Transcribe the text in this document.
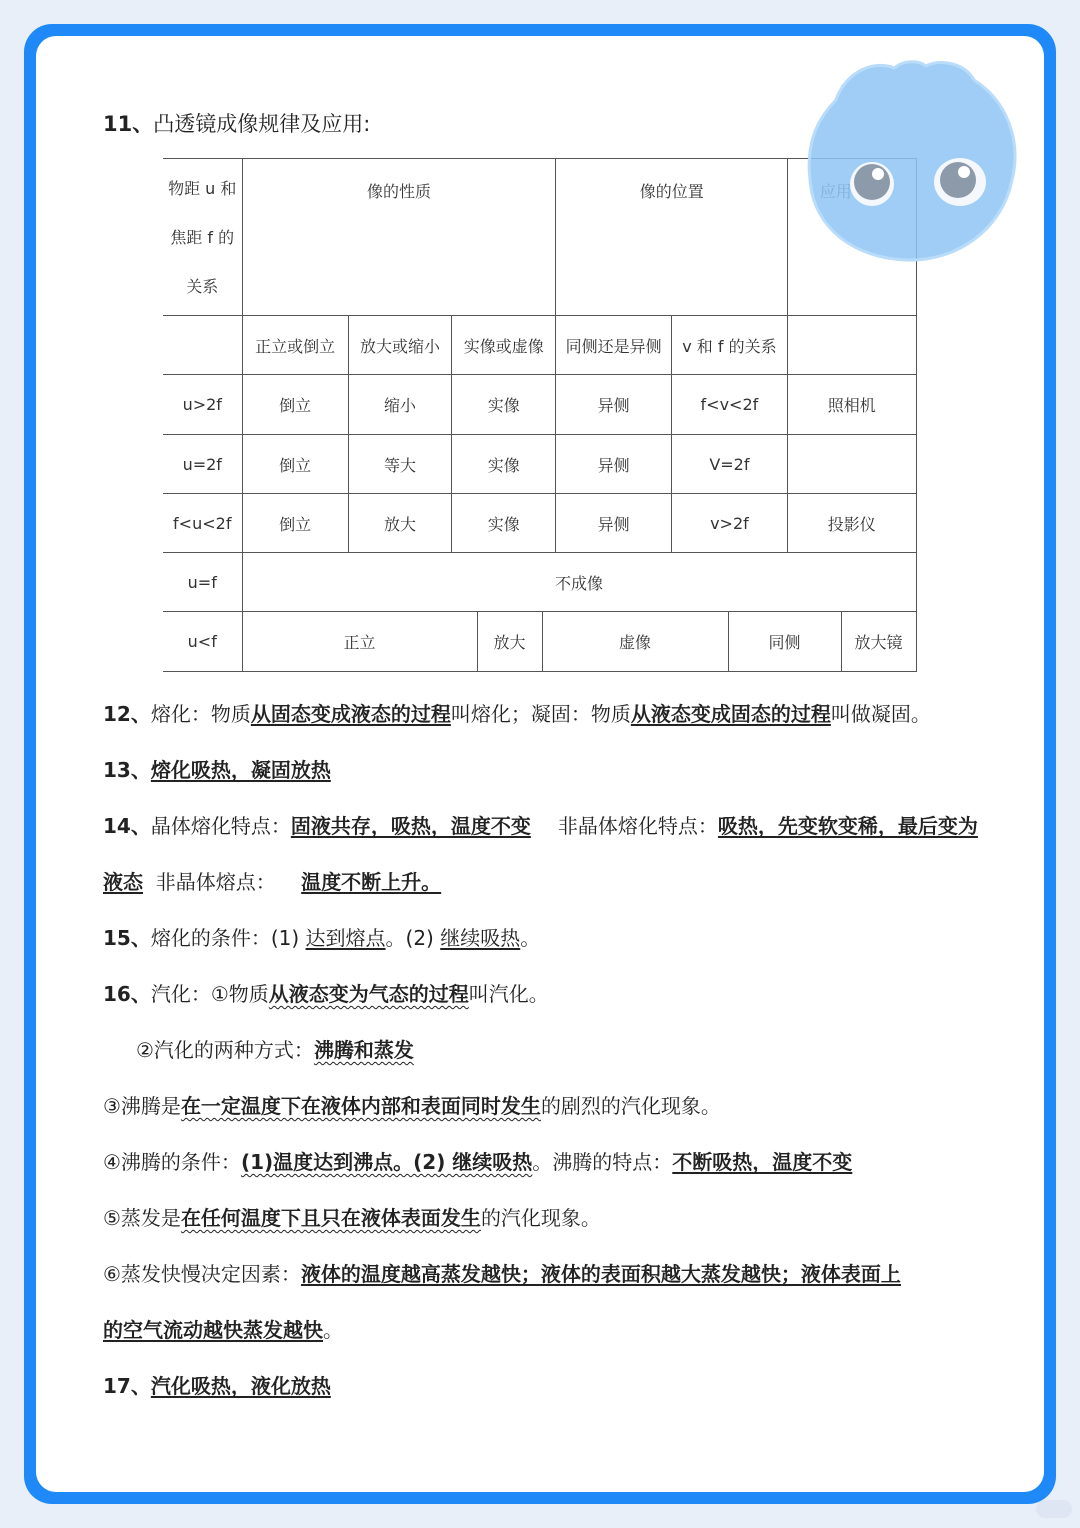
11、凸透镜成像规律及应用:
物距 u 和
焦距 f 的
关系	像的性质			像的位置	
	正立或倒立	放大或缩小	实像或虚像	同侧还是异侧	v 和 f 的关系	
u>2f	倒立	缩小	实像	异侧	f<v<2f	照相机
u=2f	倒立	等大	实像	异侧	V=2f	
f<u<2f	倒立	放大	实像	异侧	v>2f	投影仪
u=f	不成像					
u<f	正立 放大 虚像 同侧 放大镜					
12、熔化：物质从固态变成液态的过程叫熔化；凝固：物质从液态变成固态的过程叫做凝固。
13、熔化吸热，凝固放热
14、晶体熔化特点：固液共存，吸热，温度不变 非晶体熔化特点：吸热，先变软变稀，最后变为
液态 非晶体熔点： 温度不断上升。
15、熔化的条件：(1) 达到熔点。(2) 继续吸热。
16、汽化：①物质从液态变为气态的过程叫汽化。
②汽化的两种方式：沸腾和蒸发
③沸腾是在一定温度下在液体内部和表面同时发生的剧烈的汽化现象。
④沸腾的条件：(1)温度达到沸点。(2) 继续吸热。沸腾的特点：不断吸热，温度不变
⑤蒸发是在任何温度下且只在液体表面发生的汽化现象。
⑥蒸发快慢决定因素：液体的温度越高蒸发越快；液体的表面积越大蒸发越快；液体表面上
的空气流动越快蒸发越快。
17、汽化吸热，液化放热
